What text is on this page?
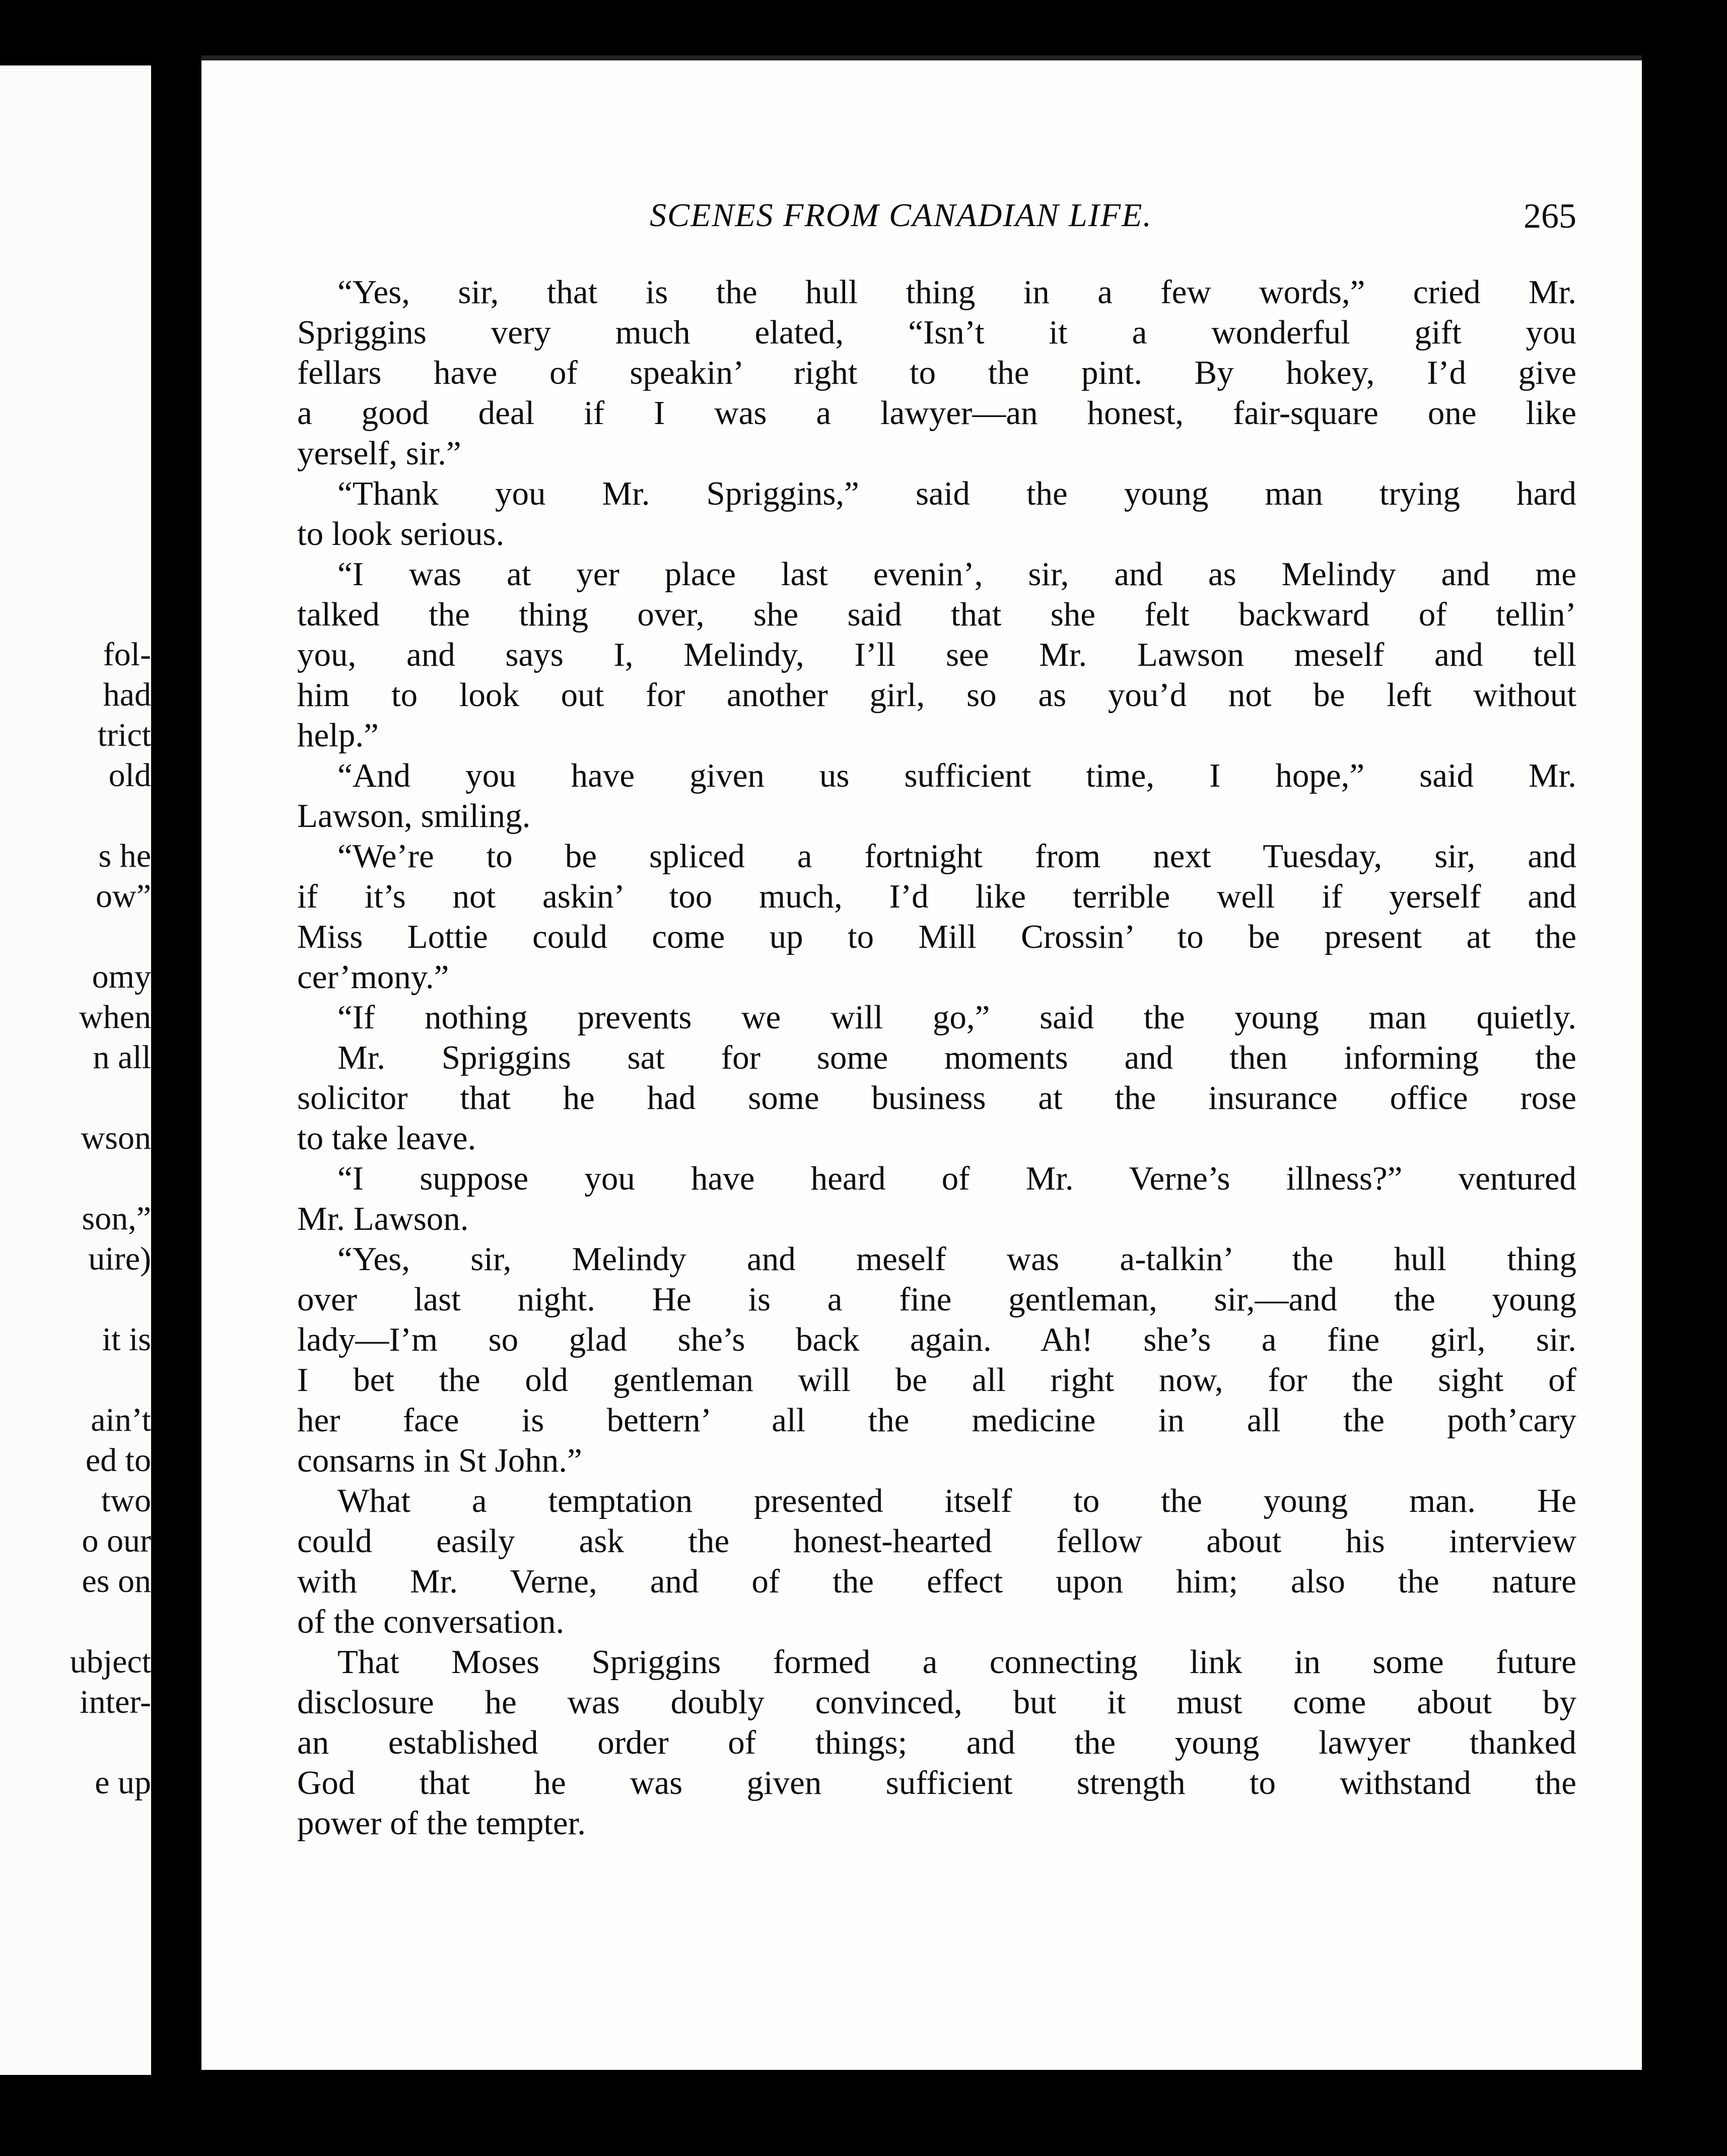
fol-
had
trict
old
s he
ow”
omy
when
n all
wson
son,”
uire)
it is
ain’t
ed to
two
o our
es on
ubject
inter-
e up
SCENES FROM CANADIAN LIFE.	265
“Yes, sir, that is the hull thing in a few words,” cried Mr.
Spriggins very much elated, “Isn’t it a wonderful gift you
fellars have of speakin’ right to the pint. By hokey, I’d give
a good deal if I was a lawyer—an honest, fair-square one like
yerself, sir.”
“Thank you Mr. Spriggins,” said the young man trying hard
to look serious.
“I was at yer place last evenin’, sir, and as Melindy and me
talked the thing over, she said that she felt backward of tellin’
you, and says I, Melindy, I’ll see Mr. Lawson meself and tell
him to look out for another girl, so as you’d not be left without
help.”
“And you have given us sufficient time, I hope,” said Mr.
Lawson, smiling.
“We’re to be spliced a fortnight from next Tuesday, sir, and
if it’s not askin’ too much, I’d like terrible well if yerself and
Miss Lottie could come up to Mill Crossin’ to be present at the
cer’mony.”
“If nothing prevents we will go,” said the young man quietly.
Mr. Spriggins sat for some moments and then informing the
solicitor that he had some business at the insurance office rose
to take leave.
“I suppose you have heard of Mr. Verne’s illness?” ventured
Mr. Lawson.
“Yes, sir, Melindy and meself was a-talkin’ the hull thing
over last night. He is a fine gentleman, sir,—and the young
lady—I’m so glad she’s back again. Ah! she’s a fine girl, sir.
I bet the old gentleman will be all right now, for the sight of
her face is bettern’ all the medicine in all the poth’cary
consarns in St John.”
What a temptation presented itself to the young man. He
could easily ask the honest-hearted fellow about his interview
with Mr. Verne, and of the effect upon him; also the nature
of the conversation.
That Moses Spriggins formed a connecting link in some future
disclosure he was doubly convinced, but it must come about by
an established order of things; and the young lawyer thanked
God that he was given sufficient strength to withstand the
power of the tempter.
